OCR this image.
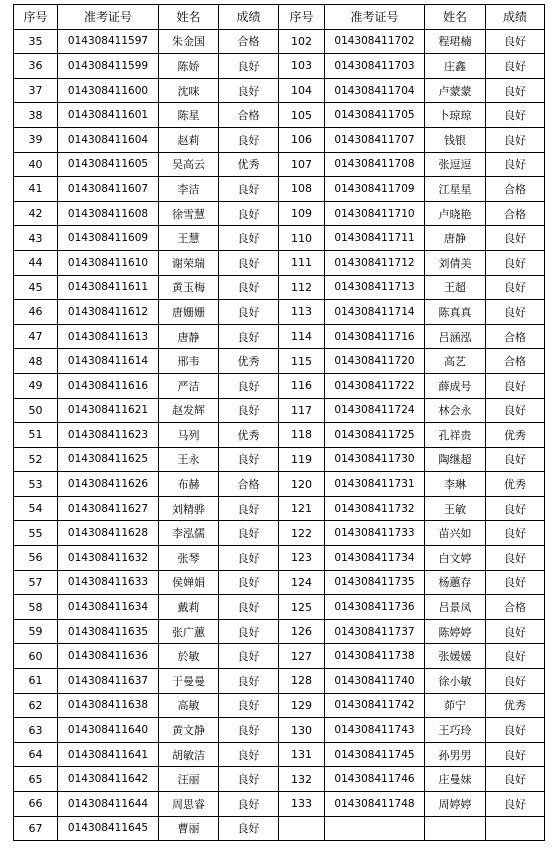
序号	准考证号	姓名	成绩	序号	准考证号	姓名	成绩
35	014308411597	朱金国	合格	102	014308411702	程珺楠	良好
36	014308411599	陈娇	良好	103	014308411703	庄鑫	良好
37	014308411600	沈咪	良好	104	014308411704	卢蒙蒙	良好
38	014308411601	陈星	合格	105	014308411705	卜琼琼	良好
39	014308411604	赵莉	良好	106	014308411707	钱银	良好
40	014308411605	吴高云	优秀	107	014308411708	张逗逗	良好
41	014308411607	李洁	良好	108	014308411709	江星星	合格
42	014308411608	徐雪慧	良好	109	014308411710	卢晓艳	合格
43	014308411609	王慧	良好	110	014308411711	唐静	良好
44	014308411610	谢荣瑞	良好	111	014308411712	刘倩美	良好
45	014308411611	黄玉梅	良好	112	014308411713	王超	良好
46	014308411612	唐姗姗	良好	113	014308411714	陈真真	良好
47	014308411613	唐静	良好	114	014308411716	吕涵泓	合格
48	014308411614	邢韦	优秀	115	014308411720	高艺	合格
49	014308411616	严洁	良好	116	014308411722	薛成号	良好
50	014308411621	赵发辉	良好	117	014308411724	林会永	良好
51	014308411623	马列	优秀	118	014308411725	孔祥贵	优秀
52	014308411625	王永	良好	119	014308411730	陶继超	良好
53	014308411626	布赫	合格	120	014308411731	李琳	优秀
54	014308411627	刘精骅	良好	121	014308411732	王敏	良好
55	014308411628	李泓儒	良好	122	014308411733	苗兴如	良好
56	014308411632	张琴	良好	123	014308411734	白文婷	良好
57	014308411633	侯婵娟	良好	124	014308411735	杨蕙存	良好
58	014308411634	戴莉	良好	125	014308411736	吕景凤	合格
59	014308411635	张广蕙	良好	126	014308411737	陈婷婷	良好
60	014308411636	於敏	良好	127	014308411738	张媛媛	良好
61	014308411637	于曼曼	良好	128	014308411740	徐小敏	良好
62	014308411638	高敏	良好	129	014308411742	茆宁	优秀
63	014308411640	黄文静	良好	130	014308411743	王巧玲	良好
64	014308411641	胡敏洁	良好	131	014308411745	孙男男	良好
65	014308411642	汪丽	良好	132	014308411746	庄曼妹	良好
66	014308411644	周思睿	良好	133	014308411748	周婷婷	良好
67	014308411645	曹丽	良好				
